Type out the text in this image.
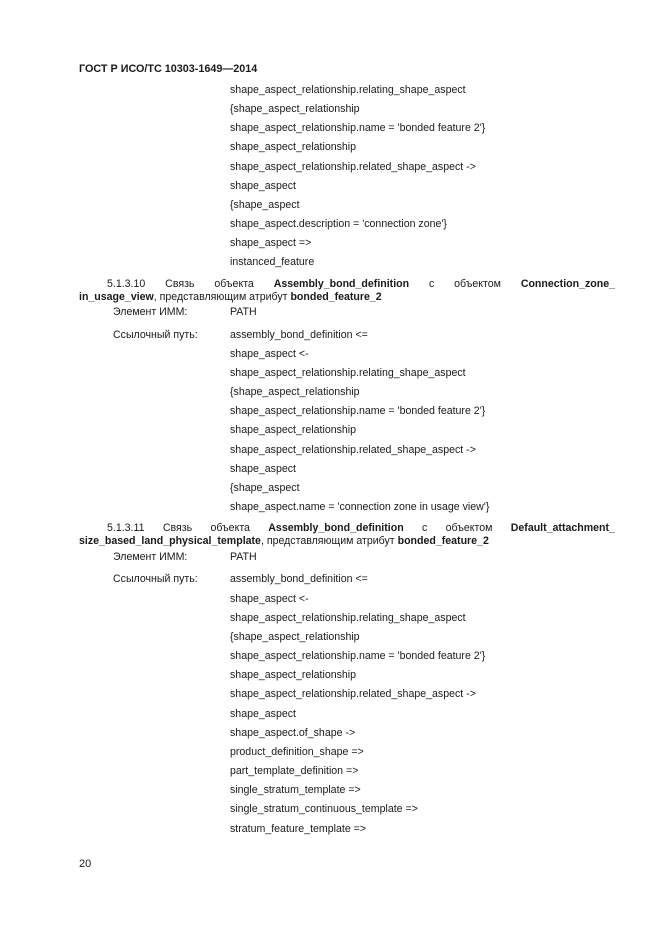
ГОСТ Р ИСО/ТС 10303-1649—2014
shape_aspect_relationship.relating_shape_aspect
{shape_aspect_relationship
shape_aspect_relationship.name = 'bonded feature 2'}
shape_aspect_relationship
shape_aspect_relationship.related_shape_aspect ->
shape_aspect
{shape_aspect
shape_aspect.description = 'connection zone'}
shape_aspect =>
instanced_feature
5.1.3.10 Связь объекта Assembly_bond_definition с объектом Connection_zone_
in_usage_view, представляющим атрибут bonded_feature_2
Элемент ИММ:	PATH
Ссылочный путь:	assembly_bond_definition <=
shape_aspect <-
shape_aspect_relationship.relating_shape_aspect
{shape_aspect_relationship
shape_aspect_relationship.name = 'bonded feature 2'}
shape_aspect_relationship
shape_aspect_relationship.related_shape_aspect ->
shape_aspect
{shape_aspect
shape_aspect.name = 'connection zone in usage view'}
5.1.3.11 Связь объекта Assembly_bond_definition с объектом Default_attachment_
size_based_land_physical_template, представляющим атрибут bonded_feature_2
Элемент ИММ:	PATH
Ссылочный путь:	assembly_bond_definition <=
shape_aspect <-
shape_aspect_relationship.relating_shape_aspect
{shape_aspect_relationship
shape_aspect_relationship.name = 'bonded feature 2'}
shape_aspect_relationship
shape_aspect_relationship.related_shape_aspect ->
shape_aspect
shape_aspect.of_shape ->
product_definition_shape =>
part_template_definition =>
single_stratum_template =>
single_stratum_continuous_template =>
stratum_feature_template =>
20
